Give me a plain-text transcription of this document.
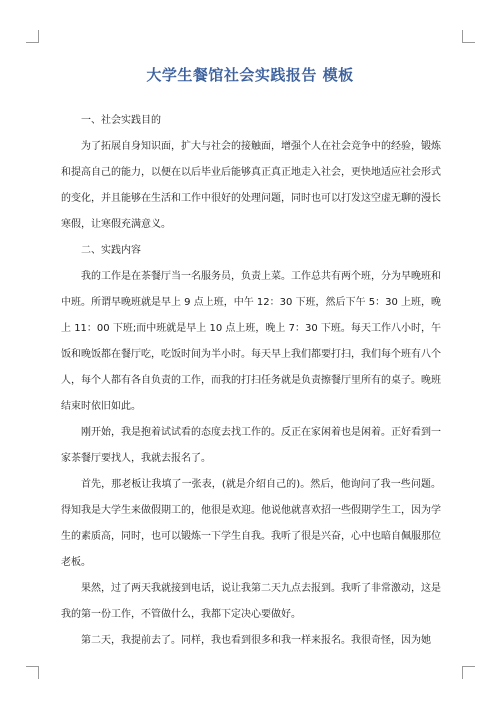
大学生餐馆社会实践报告 模板

一、社会实践目的

为了拓展自身知识面，扩大与社会的接触面，增强个人在社会竞争中的经验，锻炼和提高自己的能力，以便在以后毕业后能够真正真正地走入社会，更快地适应社会形式的变化，并且能够在生活和工作中很好的处理问题，同时也可以打发这空虚无聊的漫长寒假，让寒假充满意义。

二、实践内容

我的工作是在茶餐厅当一名服务员，负责上菜。工作总共有两个班，分为早晚班和中班。所谓早晚班就是早上 9 点上班，中午 12：30 下班，然后下午 5：30 上班，晚上 11：00 下班;而中班就是早上 10 点上班，晚上 7：30 下班。每天工作八小时，午饭和晚饭都在餐厅吃，吃饭时间为半小时。每天早上我们都要打扫，我们每个班有八个人，每个人都有各自负责的工作，而我的打扫任务就是负责擦餐厅里所有的桌子。晚班结束时依旧如此。

刚开始，我是抱着试试看的态度去找工作的。反正在家闲着也是闲着。正好看到一家茶餐厅要找人，我就去报名了。

首先，那老板让我填了一张表，(就是介绍自己的)。然后，他询问了我一些问题。得知我是大学生来做假期工的，他很是欢迎。他说他就喜欢招一些假期学生工，因为学生的素质高，同时，也可以锻炼一下学生自我。我听了很是兴奋，心中也暗自佩服那位老板。

果然，过了两天我就接到电话，说让我第二天九点去报到。我听了非常激动，这是我的第一份工作，不管做什么，我都下定决心要做好。

第二天，我提前去了。同样，我也看到很多和我一样来报名。我很奇怪，因为她
